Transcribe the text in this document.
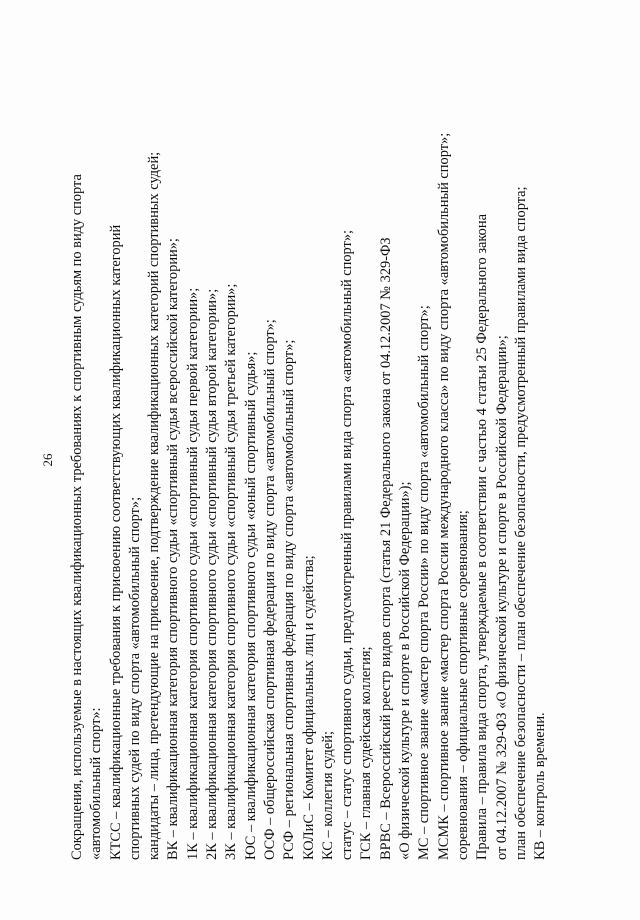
26 Сокращения, используемые в настоящих квалификационных требованиях к спортивным судьям по виду спорта «автомобильный спорт»: КТСС – квалификационные требования к присвоению соответствующих квалификационных категорий спортивных судей по виду спорта «автомобильный спорт»; кандидаты – лица, претендующие на присвоение, подтверждение квалификационных категорий спортивных судей; ВК – квалификационная категория спортивного судьи «спортивный судья всероссийской категории»; 1К – квалификационная категория спортивного судьи «спортивный судья первой категории»; 2К – квалификационная категория спортивного судьи «спортивный судья второй категории»; 3К – квалификационная категория спортивного судьи «спортивный судья третьей категории»; ЮС – квалификационная категория спортивного судьи «юный спортивный судья»; ОСФ – общероссийская спортивная федерация по виду спорта «автомобильный спорт»; РСФ – региональная спортивная федерация по виду спорта «автомобильный спорт»; КОЛиС – Комитет официальных лиц и судейства; КС – коллегия судей; статус – статус спортивного судьи, предусмотренный правилами вида спорта «автомобильный спорт»; ГСК – главная судейская коллегия; ВРВС – Всероссийский реестр видов спорта (статья 21 Федерального закона от 04.12.2007 № 329-ФЗ «О физической культуре и спорте в Российской Федерации»); МС – спортивное звание «мастер спорта России» по виду спорта «автомобильный спорт»; МСМК – спортивное звание «мастер спорта России международного класса» по виду спорта «автомобильный спорт»; соревнования – официальные спортивные соревнования; Правила – правила вида спорта, утверждаемые в соответствии с частью 4 статьи 25 Федерального закона от 04.12.2007 № 329-ФЗ «О физической культуре и спорте в Российской Федерации»; план обеспечение безопасности – план обеспечение безопасности, предусмотренный правилами вида спорта; КВ – контроль времени.
